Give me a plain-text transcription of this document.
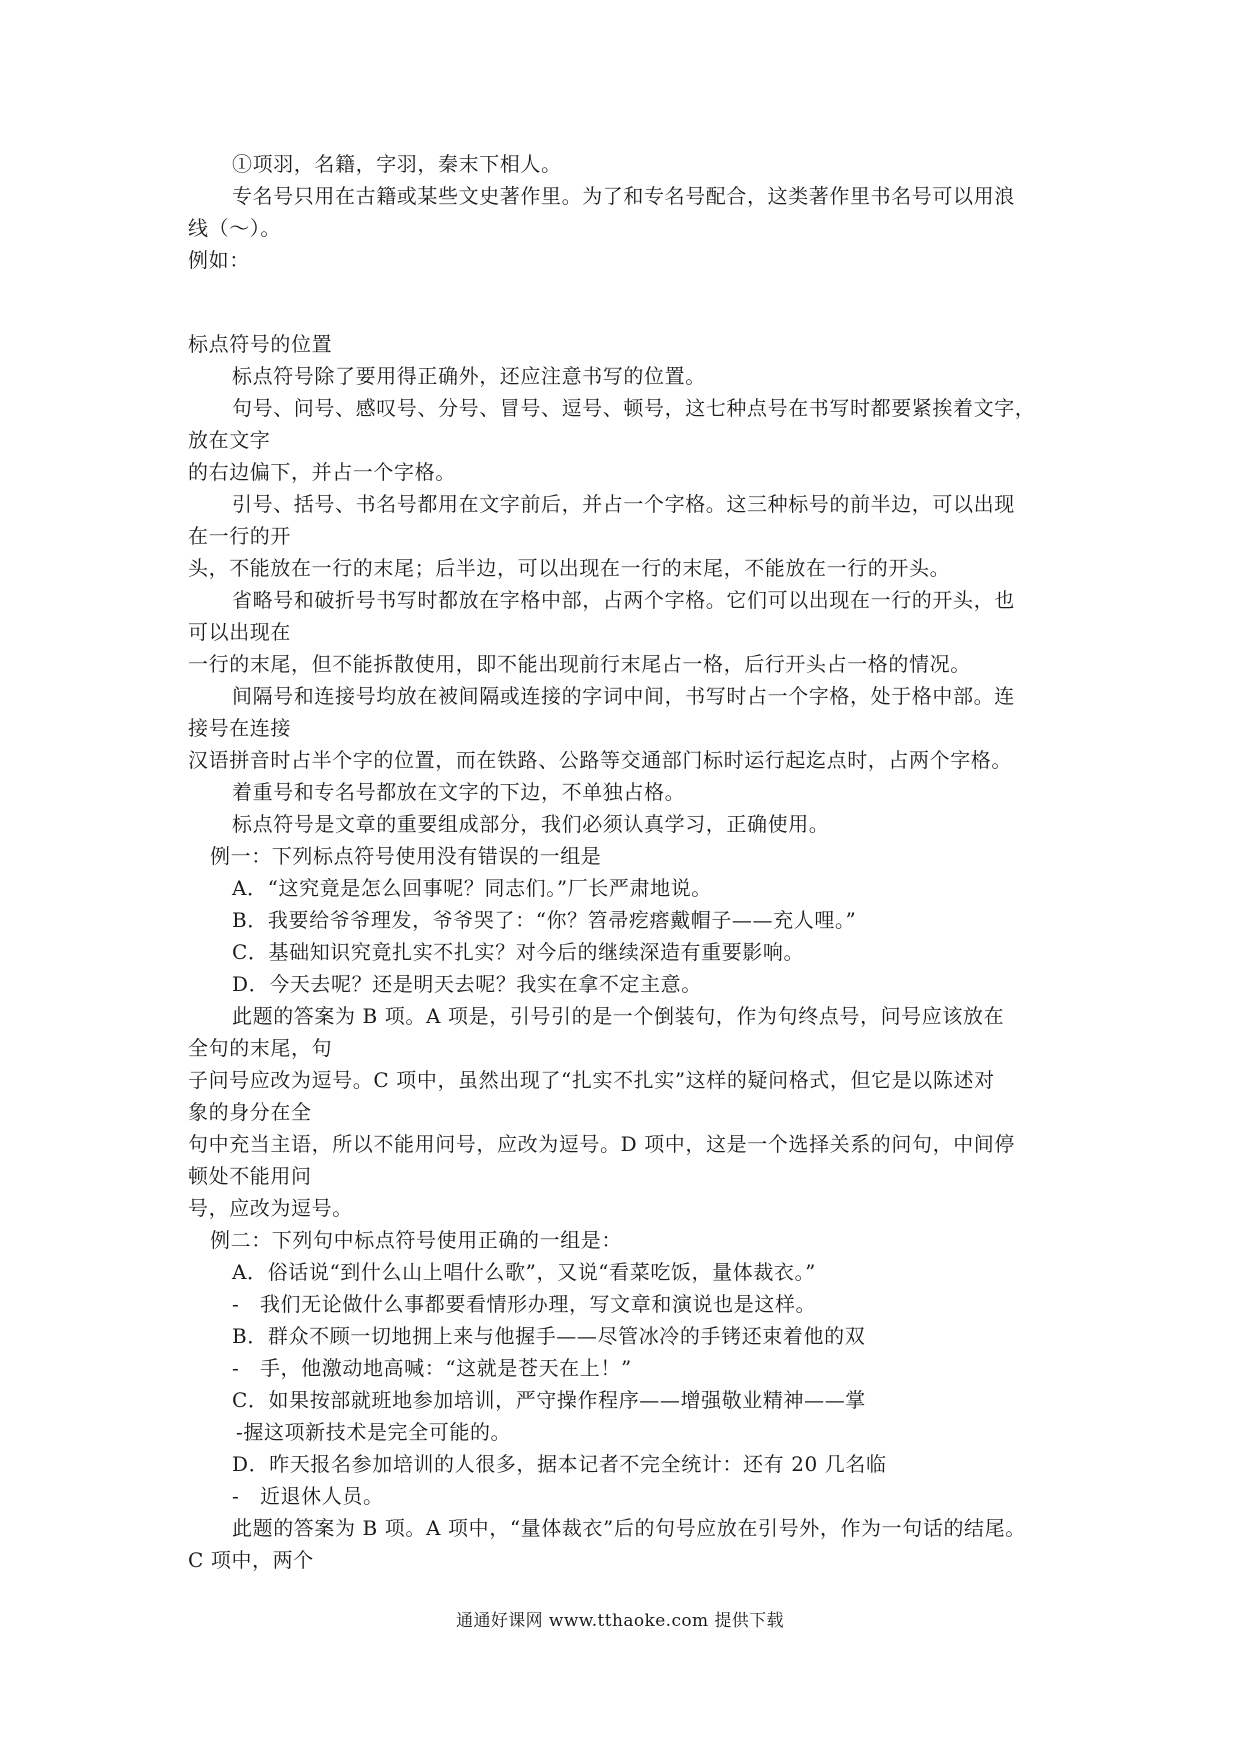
①项羽，名籍，字羽，秦末下相人。
专名号只用在古籍或某些文史著作里。为了和专名号配合，这类著作里书名号可以用浪
线（～）。
例如：
标点符号的位置
标点符号除了要用得正确外，还应注意书写的位置。
句号、问号、感叹号、分号、冒号、逗号、顿号，这七种点号在书写时都要紧挨着文字，
放在文字
的右边偏下，并占一个字格。
引号、括号、书名号都用在文字前后，并占一个字格。这三种标号的前半边，可以出现
在一行的开
头，不能放在一行的末尾；后半边，可以出现在一行的末尾，不能放在一行的开头。
省略号和破折号书写时都放在字格中部，占两个字格。它们可以出现在一行的开头，也
可以出现在
一行的末尾，但不能拆散使用，即不能出现前行末尾占一格，后行开头占一格的情况。
间隔号和连接号均放在被间隔或连接的字词中间，书写时占一个字格，处于格中部。连
接号在连接
汉语拼音时占半个字的位置，而在铁路、公路等交通部门标时运行起迄点时，占两个字格。
着重号和专名号都放在文字的下边，不单独占格。
标点符号是文章的重要组成部分，我们必须认真学习，正确使用。
例一：下列标点符号使用没有错误的一组是
A．“这究竟是怎么回事呢？同志们。”厂长严肃地说。
B．我要给爷爷理发，爷爷哭了：“你？笤帚疙瘩戴帽子——充人哩。”
C．基础知识究竟扎实不扎实？对今后的继续深造有重要影响。
D．今天去呢？还是明天去呢？我实在拿不定主意。
此题的答案为 B 项。A 项是，引号引的是一个倒装句，作为句终点号，问号应该放在
全句的末尾，句
子问号应改为逗号。C 项中，虽然出现了“扎实不扎实”这样的疑问格式，但它是以陈述对
象的身分在全
句中充当主语，所以不能用问号，应改为逗号。D 项中，这是一个选择关系的问句，中间停
顿处不能用问
号，应改为逗号。
例二：下列句中标点符号使用正确的一组是：
A．俗话说“到什么山上唱什么歌”，又说“看菜吃饭，量体裁衣。”
-　我们无论做什么事都要看情形办理，写文章和演说也是这样。
B．群众不顾一切地拥上来与他握手——尽管冰冷的手铐还束着他的双
-　手，他激动地高喊：“这就是苍天在上！”
C．如果按部就班地参加培训，严守操作程序——增强敬业精神——掌
-握这项新技术是完全可能的。
D．昨天报名参加培训的人很多，据本记者不完全统计：还有 20 几名临
-　近退休人员。
此题的答案为 B 项。A 项中，“量体裁衣”后的句号应放在引号外，作为一句话的结尾。
C 项中，两个
通通好课网 www.tthaoke.com 提供下载
